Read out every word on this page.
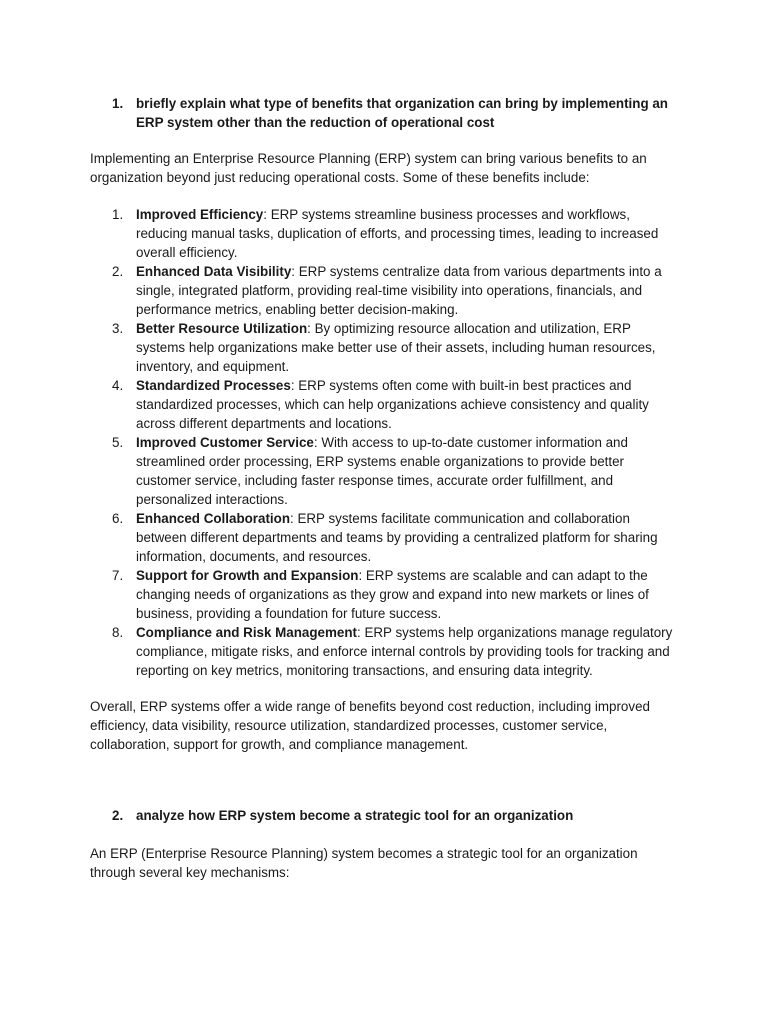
1. briefly explain what type of benefits that organization can bring by implementing an ERP system other than the reduction of operational cost
Implementing an Enterprise Resource Planning (ERP) system can bring various benefits to an organization beyond just reducing operational costs. Some of these benefits include:
1. Improved Efficiency: ERP systems streamline business processes and workflows, reducing manual tasks, duplication of efforts, and processing times, leading to increased overall efficiency.
2. Enhanced Data Visibility: ERP systems centralize data from various departments into a single, integrated platform, providing real-time visibility into operations, financials, and performance metrics, enabling better decision-making.
3. Better Resource Utilization: By optimizing resource allocation and utilization, ERP systems help organizations make better use of their assets, including human resources, inventory, and equipment.
4. Standardized Processes: ERP systems often come with built-in best practices and standardized processes, which can help organizations achieve consistency and quality across different departments and locations.
5. Improved Customer Service: With access to up-to-date customer information and streamlined order processing, ERP systems enable organizations to provide better customer service, including faster response times, accurate order fulfillment, and personalized interactions.
6. Enhanced Collaboration: ERP systems facilitate communication and collaboration between different departments and teams by providing a centralized platform for sharing information, documents, and resources.
7. Support for Growth and Expansion: ERP systems are scalable and can adapt to the changing needs of organizations as they grow and expand into new markets or lines of business, providing a foundation for future success.
8. Compliance and Risk Management: ERP systems help organizations manage regulatory compliance, mitigate risks, and enforce internal controls by providing tools for tracking and reporting on key metrics, monitoring transactions, and ensuring data integrity.
Overall, ERP systems offer a wide range of benefits beyond cost reduction, including improved efficiency, data visibility, resource utilization, standardized processes, customer service, collaboration, support for growth, and compliance management.
2. analyze how ERP system become a strategic tool for an organization
An ERP (Enterprise Resource Planning) system becomes a strategic tool for an organization through several key mechanisms:
